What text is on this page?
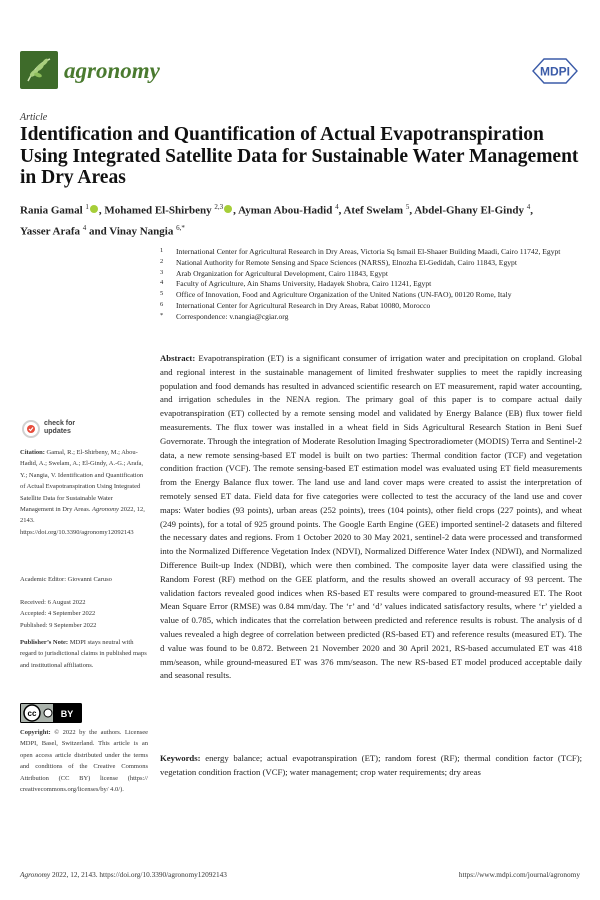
agronomy	MDPI
Article
Identification and Quantification of Actual Evapotranspiration Using Integrated Satellite Data for Sustainable Water Management in Dry Areas
Rania Gamal $^1$ , Mohamed El-Shirbeny $^{2,3}$ , Ayman Abou-Hadid $^4$, Atef Swelam $^5$, Abdel-Ghany El-Gindy $^4$,
Yasser Arafa $^4$ and Vinay Nangia $^{6,*}$
1 International Center for Agricultural Research in Dry Areas, Victoria Sq Ismail El-Shaaer Building Maadi, Cairo 11742, Egypt
2 National Authority for Remote Sensing and Space Sciences (NARSS), Elnozha El-Gedidah, Cairo 11843, Egypt
3 Arab Organization for Agricultural Development, Cairo 11843, Egypt
4 Faculty of Agriculture, Ain Shams University, Hadayek Shobra, Cairo 11241, Egypt
5 Office of Innovation, Food and Agriculture Organization of the United Nations (UN-FAO), 00120 Rome, Italy
6 International Center for Agricultural Research in Dry Areas, Rabat 10080, Morocco
* Correspondence: v.nangia@cgiar.org

Abstract: Evapotranspiration (ET) is a significant consumer of irrigation water and precipitation on cropland. Global and regional interest in the sustainable management of limited freshwater supplies to meet the rapidly increasing population and food demands has resulted in advanced scientific research on ET measurement, rapid water accounting, and irrigation schedules in the NENA region. The primary goal of this paper is to compare actual daily evapotranspiration (ET) collected by a remote sensing model and validated by Energy Balance (EB) flux tower field measurements. The flux tower was installed in a wheat field in Sids Agricultural Research Station in Beni Suef Governorate. Through the integration of Moderate Resolution Imaging Spectroradiometer (MODIS) Terra and Sentinel-2 data, a new remote sensing-based ET model is built on two parties: Thermal condition factor (TCF) and vegetation condition fraction (VCF). The remote sensing-based ET estimation model was evaluated using ET field measurements from the Energy Balance flux tower. The land use and land cover maps were created to assist the interpretation of remotely sensed ET data. Field data for five categories were collected to test the accuracy of the land use and cover maps: Water bodies (93 points), urban areas (252 points), trees (104 points), other field crops (227 points), and wheat (249 points), for a total of 925 ground points. The Google Earth Engine (GEE) imported sentinel-2 datasets and filtered the necessary dates and regions. From 1 October 2020 to 30 May 2021, sentinel-2 data were processed and transformed into the Normalized Difference Vegetation Index (NDVI), Normalized Difference Water Index (NDWI), and Normalized Difference Built-up Index (NDBI), which were then combined. The composite layer data were classified using the Random Forest (RF) method on the GEE platform, and the results showed an overall accuracy of 93 percent. The validation factors revealed good indices when RS-based ET results were compared to ground-measured ET. The Root Mean Square Error (RMSE) was 0.84 mm/day. The ‘r’ and ‘d’ values indicated satisfactory results, where ‘r’ yielded a value of 0.785, which indicates that the correlation between predicted and reference results is robust. The analysis of d values revealed a high degree of correlation between predicted (RS-based ET) and reference results (measured ET). The d value was found to be 0.872. Between 21 November 2020 and 30 April 2021, RS-based accumulated ET was 418 mm/season, while ground-measured ET was 376 mm/season. The new RS-based ET model produced acceptable daily and seasonal results.

Keywords: energy balance; actual evapotranspiration (ET); random forest (RF); thermal condition factor (TCF); vegetation condition fraction (VCF); water management; crop water requirements; dry areas

check for
updates
Citation: Gamal, R.; El-Shirbeny, M.; Abou-Hadid, A.; Swelam, A.; El-Gindy, A.-G.; Arafa, Y.; Nangia, V. Identification and Quantification of Actual Evapotranspiration Using Integrated Satellite Data for Sustainable Water Management in Dry Areas. Agronomy 2022, 12, 2143. https://doi.org/10.3390/agronomy12092143
Academic Editor: Giovanni Caruso
Received: 6 August 2022
Accepted: 4 September 2022
Published: 9 September 2022
Publisher’s Note: MDPI stays neutral with regard to jurisdictional claims in published maps and institutional affiliations.
cc	BY
Copyright: © 2022 by the authors. Licensee MDPI, Basel, Switzerland. This article is an open access article distributed under the terms and conditions of the Creative Commons Attribution (CC BY) license (https:// creativecommons.org/licenses/by/ 4.0/).
Agronomy 2022, 12, 2143. https://doi.org/10.3390/agronomy12092143	https://www.mdpi.com/journal/agronomy
